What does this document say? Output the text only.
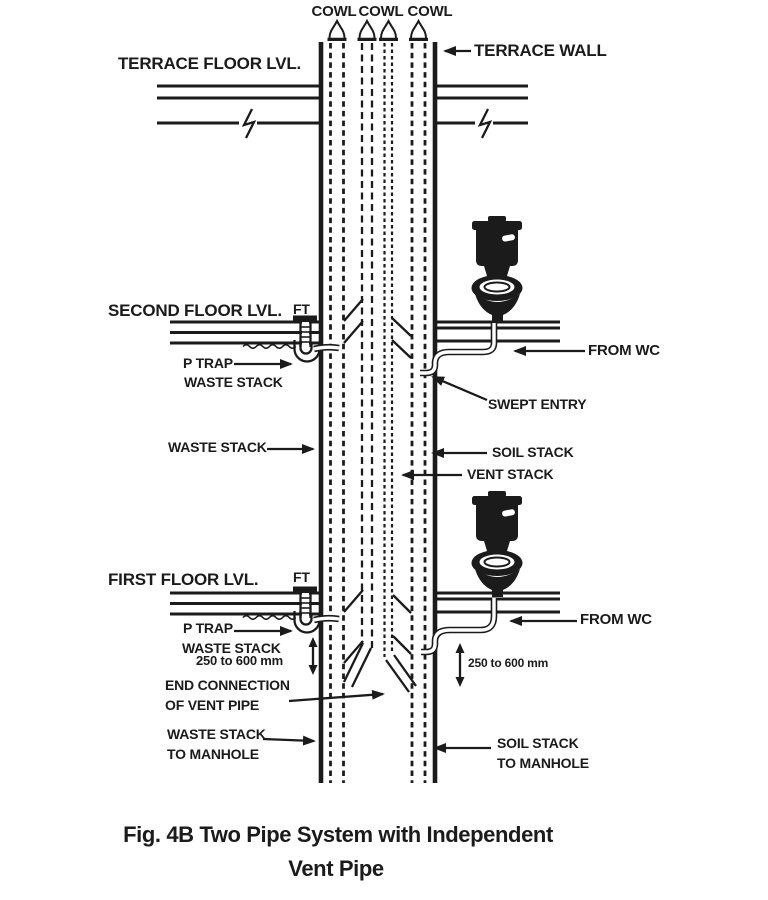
COWL COWL COWL
TERRACE FLOOR LVL.
TERRACE WALL
SECOND FLOOR LVL. FT
P TRAP
WASTE STACK
FROM WC
SWEPT ENTRY
WASTE STACK	SOIL STACK
VENT STACK
FIRST FLOOR LVL. FT
P TRAP
WASTE STACK
250 to 600 mm
FROM WC
250 to 600 mm
END CONNECTION
OF VENT PIPE
WASTE STACK
TO MANHOLE
SOIL STACK
TO MANHOLE
Fig. 4B Two Pipe System with Independent
Vent Pipe
